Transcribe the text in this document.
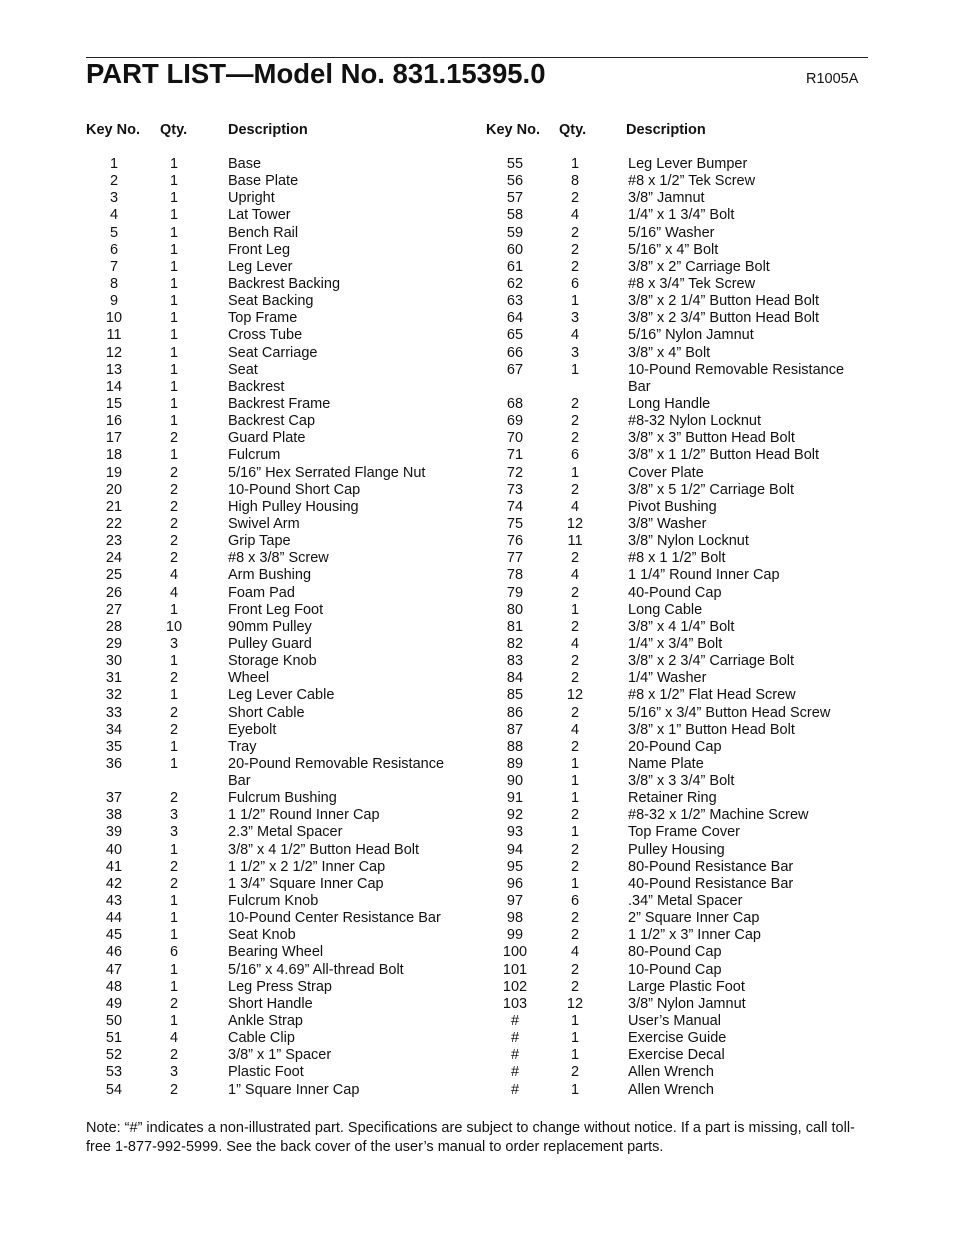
PART LIST—Model No. 831.15395.0	R1005A
Key No. Qty.	Description
1	1	Base
2	1	Base Plate
3	1	Upright
4	1	Lat Tower
5	1	Bench Rail
6	1	Front Leg
7	1	Leg Lever
8	1	Backrest Backing
9	1	Seat Backing
10	1	Top Frame
11	1	Cross Tube
12	1	Seat Carriage
13	1	Seat
14	1	Backrest
15	1	Backrest Frame
16	1	Backrest Cap
17	2	Guard Plate
18	1	Fulcrum
19	2	5/16” Hex Serrated Flange Nut
20	2	10-Pound Short Cap
21	2	High Pulley Housing
22	2	Swivel Arm
23	2	Grip Tape
24	2	#8 x 3/8” Screw
25	4	Arm Bushing
26	4	Foam Pad
27	1	Front Leg Foot
28	10	90mm Pulley
29	3	Pulley Guard
30	1	Storage Knob
31	2	Wheel
32	1	Leg Lever Cable
33	2	Short Cable
34	2	Eyebolt
35	1	Tray
36	1	20-Pound Removable Resistance
Bar
37	2	Fulcrum Bushing
38	3	1 1/2” Round Inner Cap
39	3	2.3” Metal Spacer
40	1	3/8” x 4 1/2” Button Head Bolt
41	2	1 1/2” x 2 1/2” Inner Cap
42	2	1 3/4” Square Inner Cap
43	1	Fulcrum Knob
44	1	10-Pound Center Resistance Bar
45	1	Seat Knob
46	6	Bearing Wheel
47	1	5/16” x 4.69” All-thread Bolt
48	1	Leg Press Strap
49	2	Short Handle
50	1	Ankle Strap
51	4	Cable Clip
52	2	3/8” x 1” Spacer
53	3	Plastic Foot
54	2	1” Square Inner Cap
Key No. Qty.	Description
55	1	Leg Lever Bumper
56	8	#8 x 1/2” Tek Screw
57	2	3/8” Jamnut
58	4	1/4” x 1 3/4” Bolt
59	2	5/16” Washer
60	2	5/16” x 4” Bolt
61	2	3/8” x 2” Carriage Bolt
62	6	#8 x 3/4” Tek Screw
63	1	3/8” x 2 1/4” Button Head Bolt
64	3	3/8” x 2 3/4” Button Head Bolt
65	4	5/16” Nylon Jamnut
66	3	3/8” x 4” Bolt
67	1	10-Pound Removable Resistance
Bar
68	2	Long Handle
69	2	#8-32 Nylon Locknut
70	2	3/8” x 3” Button Head Bolt
71	6	3/8” x 1 1/2” Button Head Bolt
72	1	Cover Plate
73	2	3/8” x 5 1/2” Carriage Bolt
74	4	Pivot Bushing
75	12	3/8” Washer
76	11	3/8” Nylon Locknut
77	2	#8 x 1 1/2” Bolt
78	4	1 1/4” Round Inner Cap
79	2	40-Pound Cap
80	1	Long Cable
81	2	3/8” x 4 1/4” Bolt
82	4	1/4” x 3/4” Bolt
83	2	3/8” x 2 3/4” Carriage Bolt
84	2	1/4” Washer
85	12	#8 x 1/2” Flat Head Screw
86	2	5/16” x 3/4” Button Head Screw
87	4	3/8” x 1” Button Head Bolt
88	2	20-Pound Cap
89	1	Name Plate
90	1	3/8” x 3 3/4” Bolt
91	1	Retainer Ring
92	2	#8-32 x 1/2” Machine Screw
93	1	Top Frame Cover
94	2	Pulley Housing
95	2	80-Pound Resistance Bar
96	1	40-Pound Resistance Bar
97	6	.34” Metal Spacer
98	2	2” Square Inner Cap
99	2	1 1/2” x 3” Inner Cap
100	4	80-Pound Cap
101	2	10-Pound Cap
102	2	Large Plastic Foot
103	12	3/8” Nylon Jamnut
#	1	User’s Manual
#	1	Exercise Guide
#	1	Exercise Decal
#	2	Allen Wrench
#	1	Allen Wrench
Note: “#” indicates a non-illustrated part. Specifications are subject to change without notice. If a part is missing, call toll-free 1-877-992-5999. See the back cover of the user’s manual to order replacement parts.
